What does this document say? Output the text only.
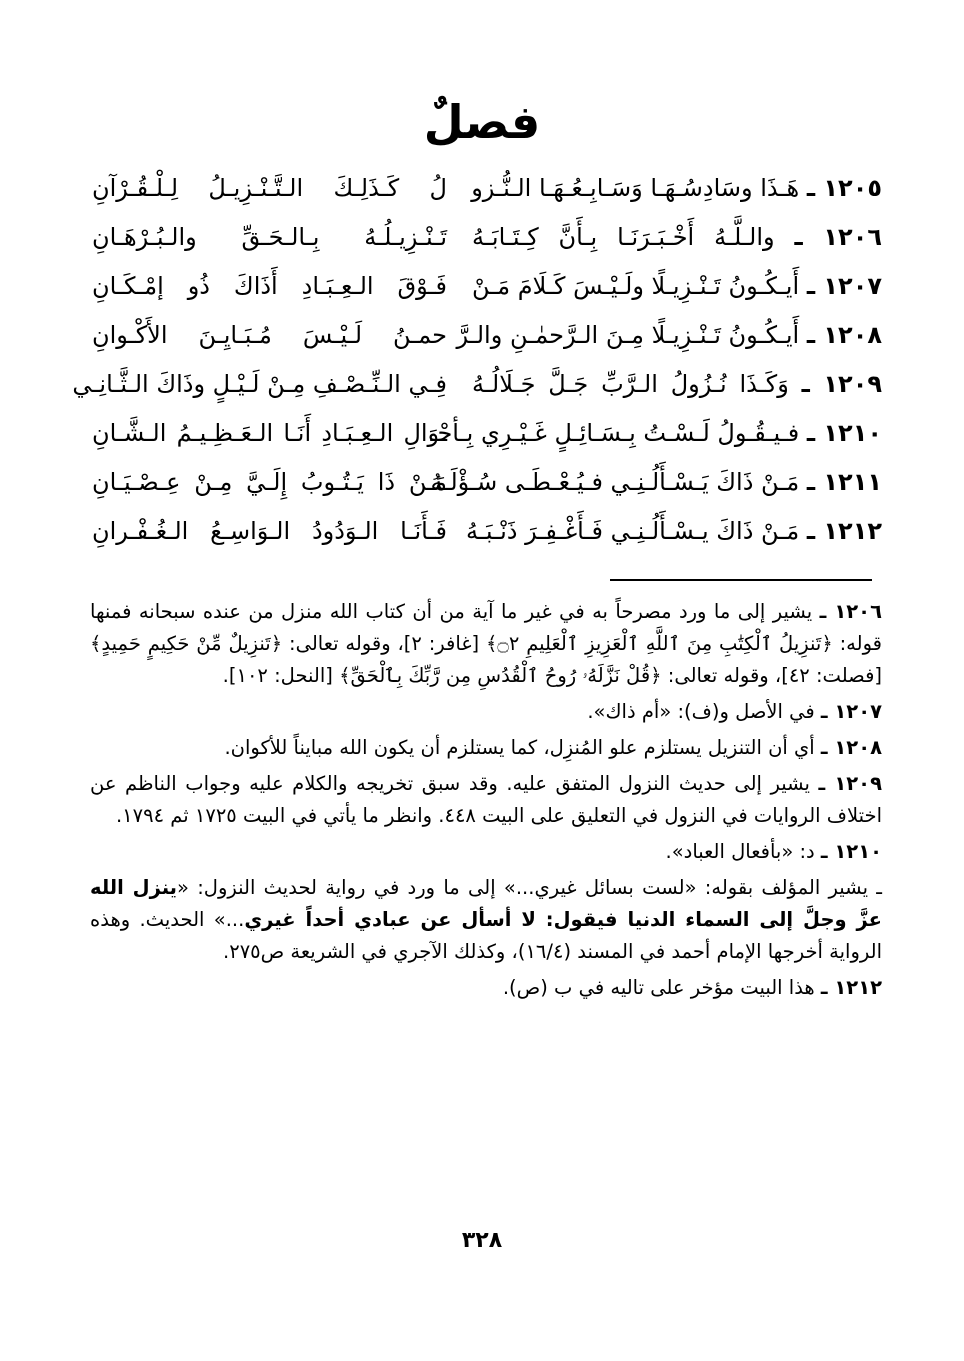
فصلٌ
١٢٠٥ ـ هَـذَا وسَادِسُـهَـا وَسَـابِـعُـهَـا الـنُّـزو
لُ كَـذَلِـكَ الـتَّـنْـزِيـلُ لِـلْـقُـرْآنِ
١٢٠٦ ـ والـلَّـهُ أَخْـبَـرَنَـا بِـأَنَّ كِـتَـابَـهُ
تَـنْـزِيـلُـهُ بِـالـحَـقِّ والـبُـرْهَـانِ
١٢٠٧ ـ أَيـكُـونُ تَـنْـزِيـلًا ولَـيْـسَ كَـلَامَ مَـنْ
فَـوْقَ الـعِـبَـادِ أَذَاكَ ذُو إمْـكَـانِ
١٢٠٨ ـ أَيـكُـونُ تَـنْـزِيـلًا مِـنَ الـرَّحمٰـنِ والـرَّ
حمـنُ لَـيْـسَ مُـبَـايِـنَ الأَكْـوانِ
١٢٠٩ ـ وَكَـذَا نُـزُولُ الـرَّبِّ جَـلَّ جَـلَالُـهُ
فِـي الـنِّـصْـفِ مِـنْ لَـيْـلٍ وذَاكَ الـثَّـانِـي
١٢١٠ ـ فـيـقُـولُ لَـسْـتُ بِـسَـائِـلٍ غَـيْـرِي بِـأحْـ
ـوَالِ الـعِـبَـادِ أَنَـا الـعَـظِـيـمُ الـشَّـانِ
١٢١١ ـ مَـنْ ذَاكَ يَـسْـأَلُـنِـي فـيُـعْـطَـى سُـؤْلَـهُ
مَـنْ ذَا يَـتُـوبُ إِلَـيَّ مِـنْ عِـصْـيَـانِ
١٢١٢ ـ مَـنْ ذَاكَ يـسْـأَلُـنِـي فَـأَغْـفِـرَ ذَنْـبَـهُ
فَـأَنَـا الـوَدُودُ الـوَاسِـعُ الـغُـفْـرانِ
١٢٠٦ ـ يشير إلى ما ورد مصرحاً به في غير ما آية من أن كتاب الله منزل من عنده سبحانه فمنها قوله: ﴿تَنزِيلُ ٱلْكِتَٰبِ مِنَ ٱللَّهِ ٱلْعَزِيزِ ٱلْعَلِيمِ ۝٢﴾ [غافر: ٢]، وقوله تعالى: ﴿تَنزِيلٌ مِّنْ حَكِيمٍ حَمِيدٍ﴾ [فصلت: ٤٢]، وقوله تعالى: ﴿قُلْ نَزَّلَهُۥ رُوحُ ٱلْقُدُسِ مِن رَّبِّكَ بِٱلْحَقِّ﴾ [النحل: ١٠٢].
١٢٠٧ ـ في الأصل و(ف): «أم ذاك».
١٢٠٨ ـ أي أن التنزيل يستلزم علو المُنزِل، كما يستلزم أن يكون الله مبايناً للأكوان.
١٢٠٩ ـ يشير إلى حديث النزول المتفق عليه. وقد سبق تخريجه والكلام عليه وجواب الناظم عن اختلاف الروايات في النزول في التعليق على البيت ٤٤٨. وانظر ما يأتي في البيت ١٧٢٥ ثم ١٧٩٤.
١٢١٠ ـ د: «بأفعال العباد».
ـ يشير المؤلف بقوله: «لست بسائل غيري...» إلى ما ورد في رواية لحديث النزول: «ينزل الله عزَّ وجلَّ إلى السماء الدنيا فيقول: لا أسأل عن عبادي أحداً غيري...» الحديث. وهذه الرواية أخرجها الإمام أحمد في المسند (١٦/٤)، وكذلك الآجري في الشريعة ص٢٧٥.
١٢١٢ ـ هذا البيت مؤخر على تاليه في ب (ص).
٣٢٨
